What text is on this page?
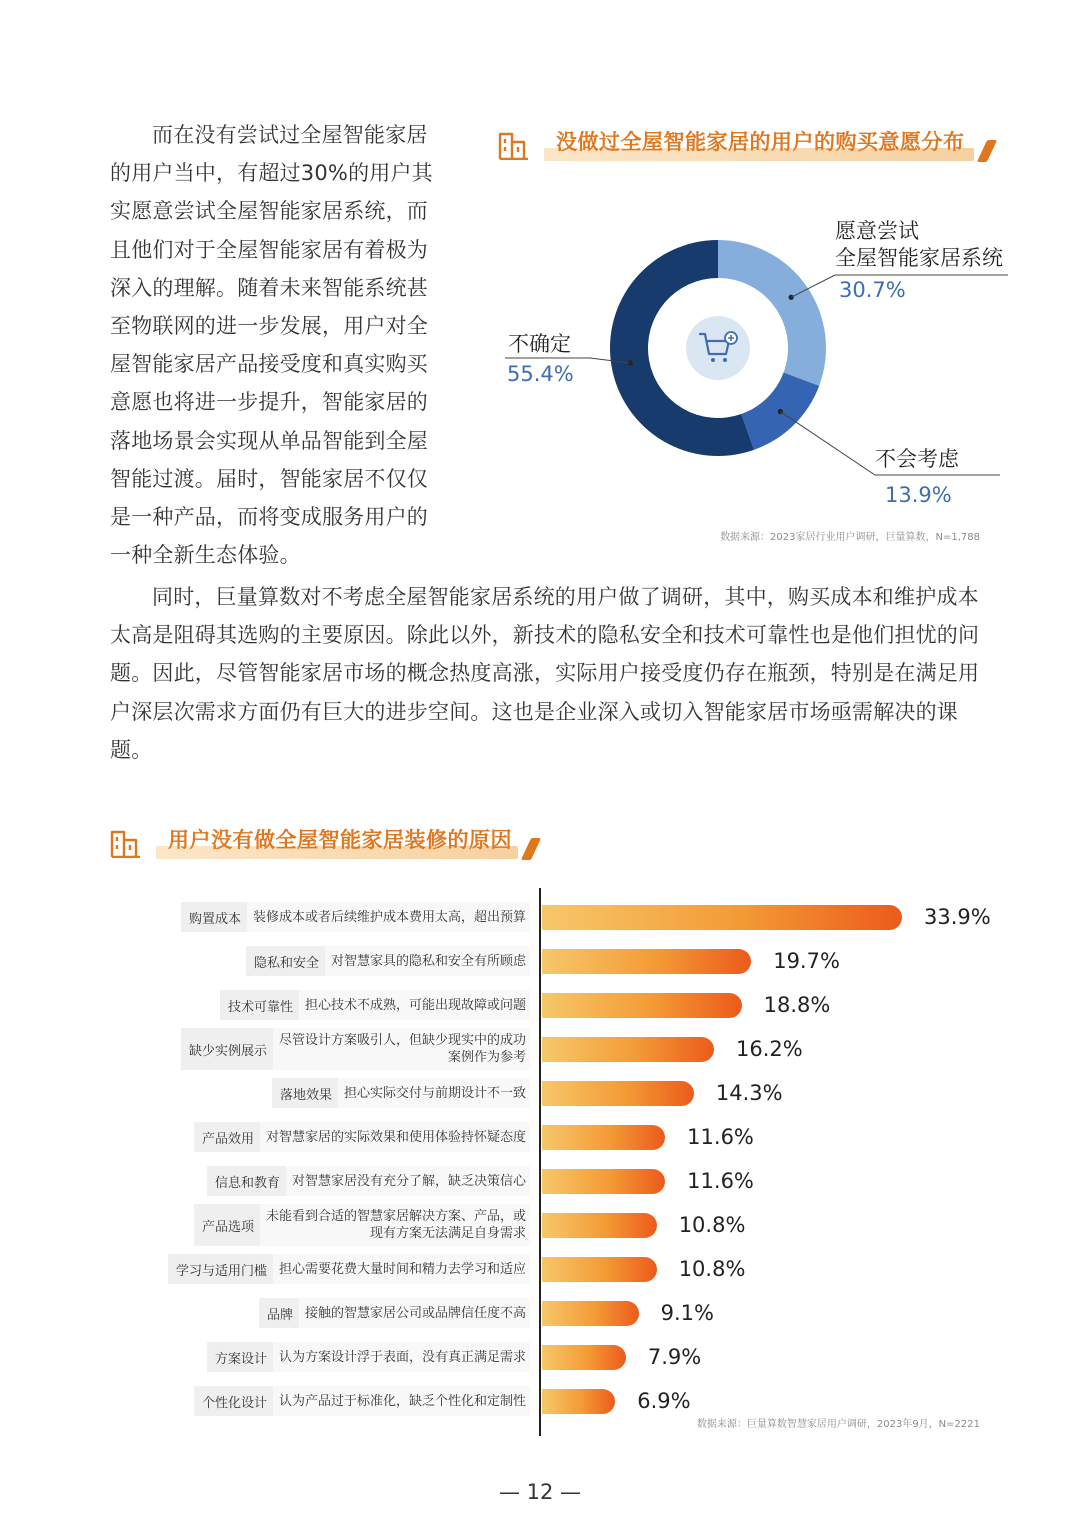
而在没有尝试过全屋智能家居的用户当中，有超过30%的用户其实愿意尝试全屋智能家居系统，而且他们对于全屋智能家居有着极为深入的理解。随着未来智能系统甚至物联网的进一步发展，用户对全屋智能家居产品接受度和真实购买意愿也将进一步提升，智能家居的落地场景会实现从单品智能到全屋智能过渡。届时，智能家居不仅仅是一种产品，而将变成服务用户的一种全新生态体验。

没做过全屋智能家居的用户的购买意愿分布
愿意尝试
全屋智能家居系统
30.7%
不会考虑
13.9%
不确定
55.4%
数据来源：2023家居行业用户调研，巨量算数，N=1,788

同时，巨量算数对不考虑全屋智能家居系统的用户做了调研，其中，购买成本和维护成本太高是阻碍其选购的主要原因。除此以外，新技术的隐私安全和技术可靠性也是他们担忧的问题。因此，尽管智能家居市场的概念热度高涨，实际用户接受度仍存在瓶颈，特别是在满足用户深层次需求方面仍有巨大的进步空间。这也是企业深入或切入智能家居市场亟需解决的课题。

用户没有做全屋智能家居装修的原因
购置成本 装修成本或者后续维护成本费用太高，超出预算	33.9%
隐私和安全 对智慧家具的隐私和安全有所顾虑	19.7%
技术可靠性 担心技术不成熟，可能出现故障或问题	18.8%
缺少实例展示
尽管设计方案吸引人，但缺少现实中的成功
案例作为参考	16.2%
落地效果 担心实际交付与前期设计不一致	14.3%
产品效用 对智慧家居的实际效果和使用体验持怀疑态度	11.6%
信息和教育 对智慧家居没有充分了解，缺乏决策信心	11.6%
产品选项
未能看到合适的智慧家居解决方案、产品，或
现有方案无法满足自身需求	10.8%
学习与适用门槛 担心需要花费大量时间和精力去学习和适应	10.8%
品牌 接触的智慧家居公司或品牌信任度不高	9.1%
方案设计 认为方案设计浮于表面，没有真正满足需求	7.9%
个性化设计 认为产品过于标准化，缺乏个性化和定制性	6.9%
数据来源：巨量算数智慧家居用户调研，2023年9月，N=2221
— 12 —
